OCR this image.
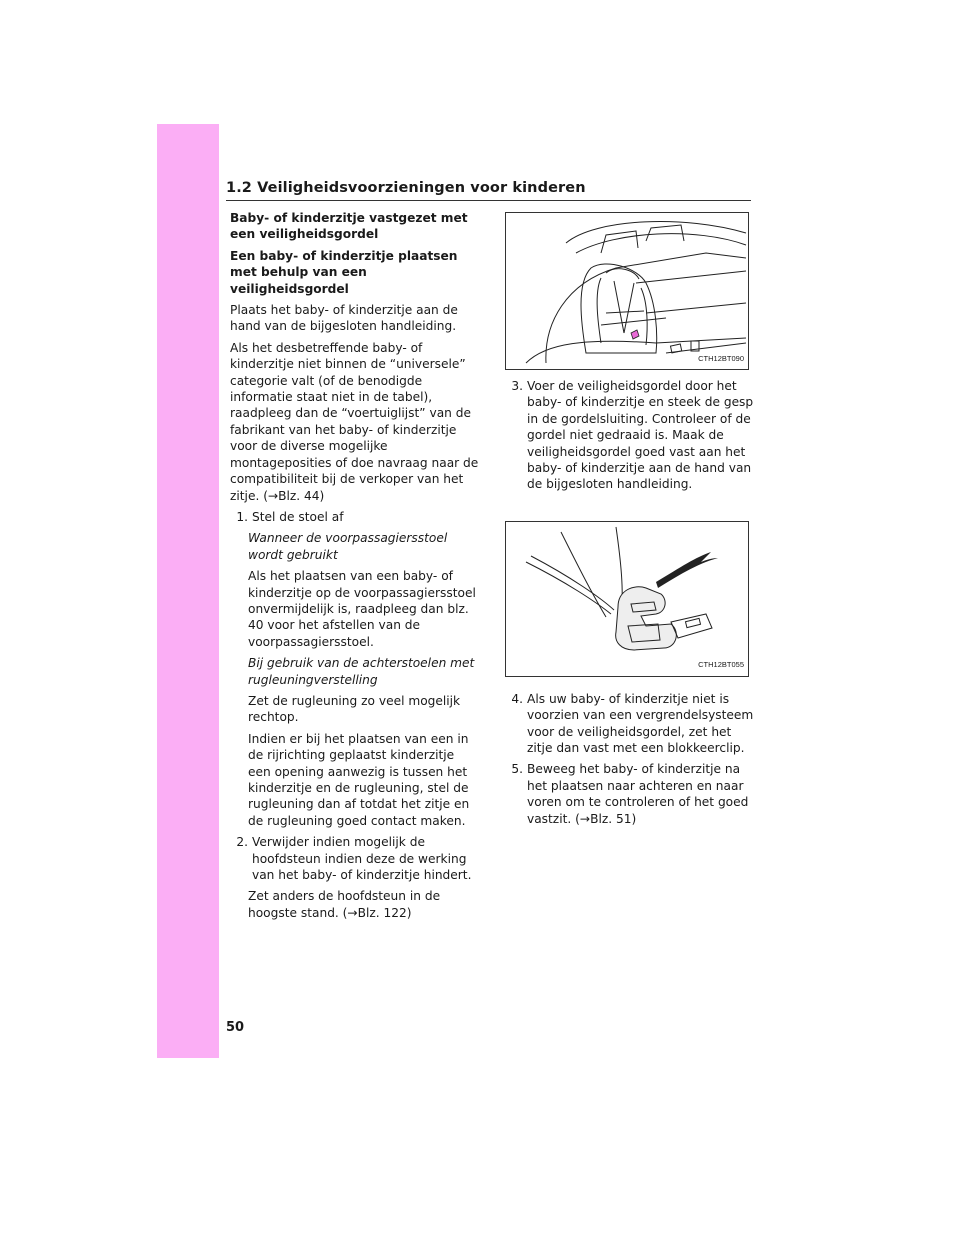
1.2 Veiligheidsvoorzieningen voor kinderen

Baby- of kinderzitje vastgezet met een veiligheidsgordel

Een baby- of kinderzitje plaatsen met behulp van een veiligheidsgordel

Plaats het baby- of kinderzitje aan de hand van de bijgesloten handleiding.

Als het desbetreffende baby- of kinderzitje niet binnen de “universele” categorie valt (of de benodigde informatie staat niet in de tabel), raadpleeg dan de “voertuiglijst” van de fabrikant van het baby- of kinderzitje voor de diverse mogelijke montageposities of doe navraag naar de compatibiliteit bij de verkoper van het zitje. (→Blz. 44)

1. Stel de stoel af

Wanneer de voorpassagiersstoel wordt gebruikt

Als het plaatsen van een baby- of kinderzitje op de voorpassagiersstoel onvermijdelijk is, raadpleeg dan blz. 40 voor het afstellen van de voorpassagiersstoel.

Bij gebruik van de achterstoelen met rugleuningverstelling

Zet de rugleuning zo veel mogelijk rechtop.

Indien er bij het plaatsen van een in de rijrichting geplaatst kinderzitje een opening aanwezig is tussen het kinderzitje en de rugleuning, stel de rugleuning dan af totdat het zitje en de rugleuning goed contact maken.

2. Verwijder indien mogelijk de hoofdsteun indien deze de werking van het baby- of kinderzitje hindert.

Zet anders de hoofdsteun in de hoogste stand. (→Blz. 122)

CTH12BT090
3. Voer de veiligheidsgordel door het baby- of kinderzitje en steek de gesp in de gordelsluiting. Controleer of de gordel niet gedraaid is. Maak de veiligheidsgordel goed vast aan het baby- of kinderzitje aan de hand van de bijgesloten handleiding.
CTH12BT055
4. Als uw baby- of kinderzitje niet is voorzien van een vergrendelsysteem voor de veiligheidsgordel, zet het zitje dan vast met een blokkeerclip.
5. Beweeg het baby- of kinderzitje na het plaatsen naar achteren en naar voren om te controleren of het goed vastzit. (→Blz. 51)
50
